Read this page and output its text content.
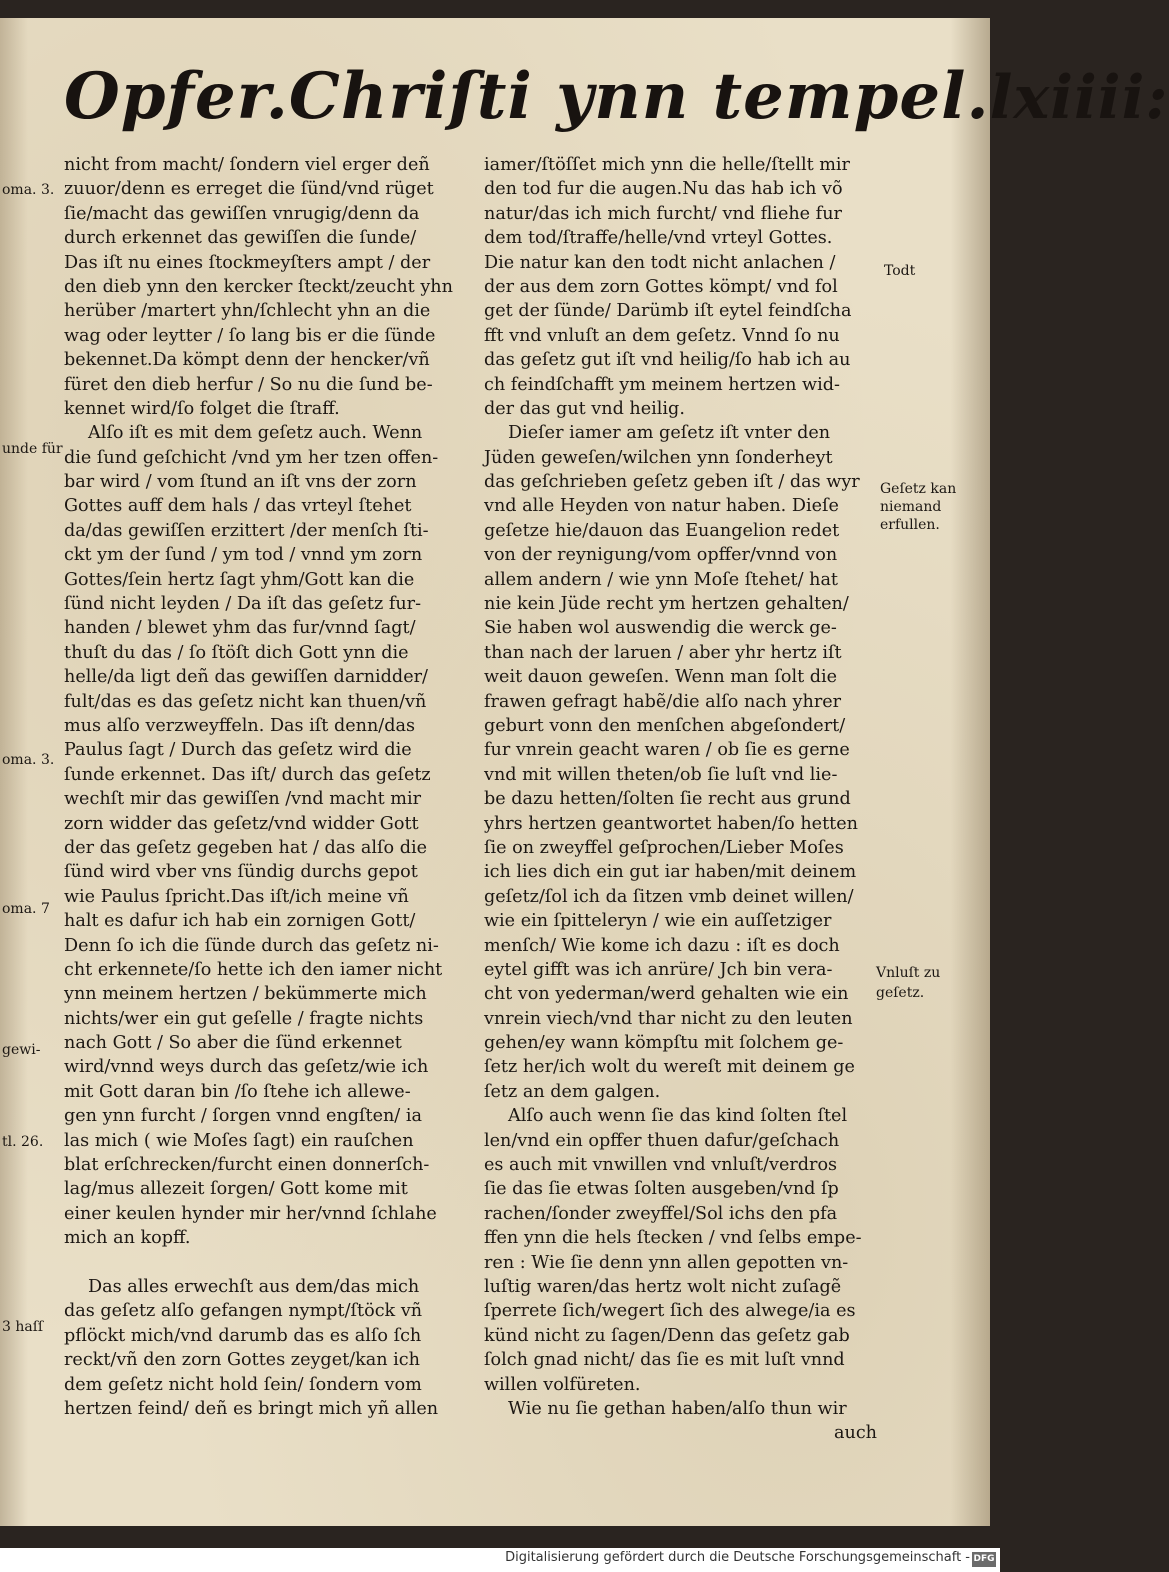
Opfer.Chriſti ynn tempel. lxiiii:
nicht from macht/ ſondern viel erger deñ
zuuor/denn es erreget die ſünd/vnd rüget
ſie/macht das gewiſſen vnrugig/denn da
durch erkennet das gewiſſen die ſunde/
Das iſt nu eines ſtockmeyſters ampt / der
den dieb ynn den kercker ſteckt/zeucht yhn
herüber /martert yhn/ſchlecht yhn an die
wag oder leytter / ſo lang bis er die ſünde
bekennet.Da kömpt denn der hencker/vñ
füret den dieb herfur / So nu die ſund be-
kennet wird/ſo folget die ſtraff.
Alſo iſt es mit dem geſetz auch. Wenn
die ſund geſchicht /vnd ym her tzen offen-
bar wird / vom ſtund an iſt vns der zorn
Gottes auff dem hals / das vrteyl ſtehet
da/das gewiſſen erzittert /der menſch ſti-
ckt ym der ſund / ym tod / vnnd ym zorn
Gottes/ſein hertz ſagt yhm/Gott kan die
ſünd nicht leyden / Da iſt das geſetz fur-
handen / blewet yhm das fur/vnnd ſagt/
thuſt du das / ſo ſtöſt dich Gott ynn die
helle/da ligt deñ das gewiſſen darnidder/
fult/das es das geſetz nicht kan thuen/vñ
mus alſo verzweyffeln. Das iſt denn/das
Paulus ſagt / Durch das geſetz wird die
ſunde erkennet. Das iſt/ durch das geſetz
wechſt mir das gewiſſen /vnd macht mir
zorn widder das geſetz/vnd widder Gott
der das geſetz gegeben hat / das alſo die
ſünd wird vber vns ſündig durchs gepot
wie Paulus ſpricht.Das iſt/ich meine vñ
halt es dafur ich hab ein zornigen Gott/
Denn ſo ich die ſünde durch das geſetz ni-
cht erkennete/ſo hette ich den iamer nicht
ynn meinem hertzen / bekümmerte mich
nichts/wer ein gut geſelle / fragte nichts
nach Gott / So aber die ſünd erkennet
wird/vnnd weys durch das geſetz/wie ich
mit Gott daran bin /ſo ſtehe ich allewe-
gen ynn furcht / ſorgen vnnd engſten/ ia
las mich ( wie Moſes ſagt) ein rauſchen
blat erſchrecken/furcht einen donnerſch-
lag/mus allezeit ſorgen/ Gott kome mit
einer keulen hynder mir her/vnnd ſchlahe
mich an kopff.
Das alles erwechſt aus dem/das mich
das geſetz alſo gefangen nympt/ſtöck vñ
pflöckt mich/vnd darumb das es alſo ſch
reckt/vñ den zorn Gottes zeyget/kan ich
dem geſetz nicht hold ſein/ ſondern vom
hertzen feind/ deñ es bringt mich yñ allen
iamer/ſtöſſet mich ynn die helle/ſtellt mir
den tod fur die augen.Nu das hab ich võ
natur/das ich mich furcht/ vnd fliehe fur
dem tod/ſtraffe/helle/vnd vrteyl Gottes.
Die natur kan den todt nicht anlachen /
der aus dem zorn Gottes kömpt/ vnd fol
get der ſünde/ Darümb iſt eytel feindſcha
fft vnd vnluſt an dem geſetz. Vnnd ſo nu
das geſetz gut iſt vnd heilig/ſo hab ich au
ch feindſchafft ym meinem hertzen wid-
der das gut vnd heilig.
Dieſer iamer am geſetz iſt vnter den
Jüden geweſen/wilchen ynn ſonderheyt
das geſchrieben geſetz geben iſt / das wyr
vnd alle Heyden von natur haben. Dieſe
geſetze hie/dauon das Euangelion redet
von der reynigung/vom opffer/vnnd von
allem andern / wie ynn Moſe ſtehet/ hat
nie kein Jüde recht ym hertzen gehalten/
Sie haben wol auswendig die werck ge-
than nach der laruen / aber yhr hertz iſt
weit dauon geweſen. Wenn man ſolt die
frawen gefragt habẽ/die alſo nach yhrer
geburt vonn den menſchen abgeſondert/
fur vnrein geacht waren / ob ſie es gerne
vnd mit willen theten/ob ſie luſt vnd lie-
be dazu hetten/ſolten ſie recht aus grund
yhrs hertzen geantwortet haben/ſo hetten
ſie on zweyffel geſprochen/Lieber Moſes
ich lies dich ein gut iar haben/mit deinem
geſetz/ſol ich da ſitzen vmb deinet willen/
wie ein ſpitteleryn / wie ein auſſetziger
menſch/ Wie kome ich dazu : iſt es doch
eytel gifft was ich anrüre/ Jch bin vera-
cht von yederman/werd gehalten wie ein
vnrein viech/vnd thar nicht zu den leuten
gehen/ey wann kömpſtu mit ſolchem ge-
ſetz her/ich wolt du wereſt mit deinem ge
ſetz an dem galgen.
Alſo auch wenn ſie das kind ſolten ſtel
len/vnd ein opffer thuen dafur/geſchach
es auch mit vnwillen vnd vnluſt/verdros
ſie das ſie etwas ſolten ausgeben/vnd ſp
rachen/ſonder zweyffel/Sol ichs den pfa
ffen ynn die hels ſtecken / vnd ſelbs empe-
ren : Wie ſie denn ynn allen gepotten vn-
luſtig waren/das hertz wolt nicht zuſagẽ
ſperrete ſich/wegert ſich des alwege/ia es
künd nicht zu ſagen/Denn das geſetz gab
ſolch gnad nicht/ das ſie es mit luſt vnnd
willen volfüreten.
Wie nu ſie gethan haben/alſo thun wir
auch
oma. 3.
unde für
oma. 3.
oma. 7
gewi-
tl. 26.
3 haſſ
Todt
Geſetz kan
niemand
erfullen.
Vnluſt zu
geſetz.
Digitalisierung gefördert durch die Deutsche Forschungsgemeinschaft - DFG
